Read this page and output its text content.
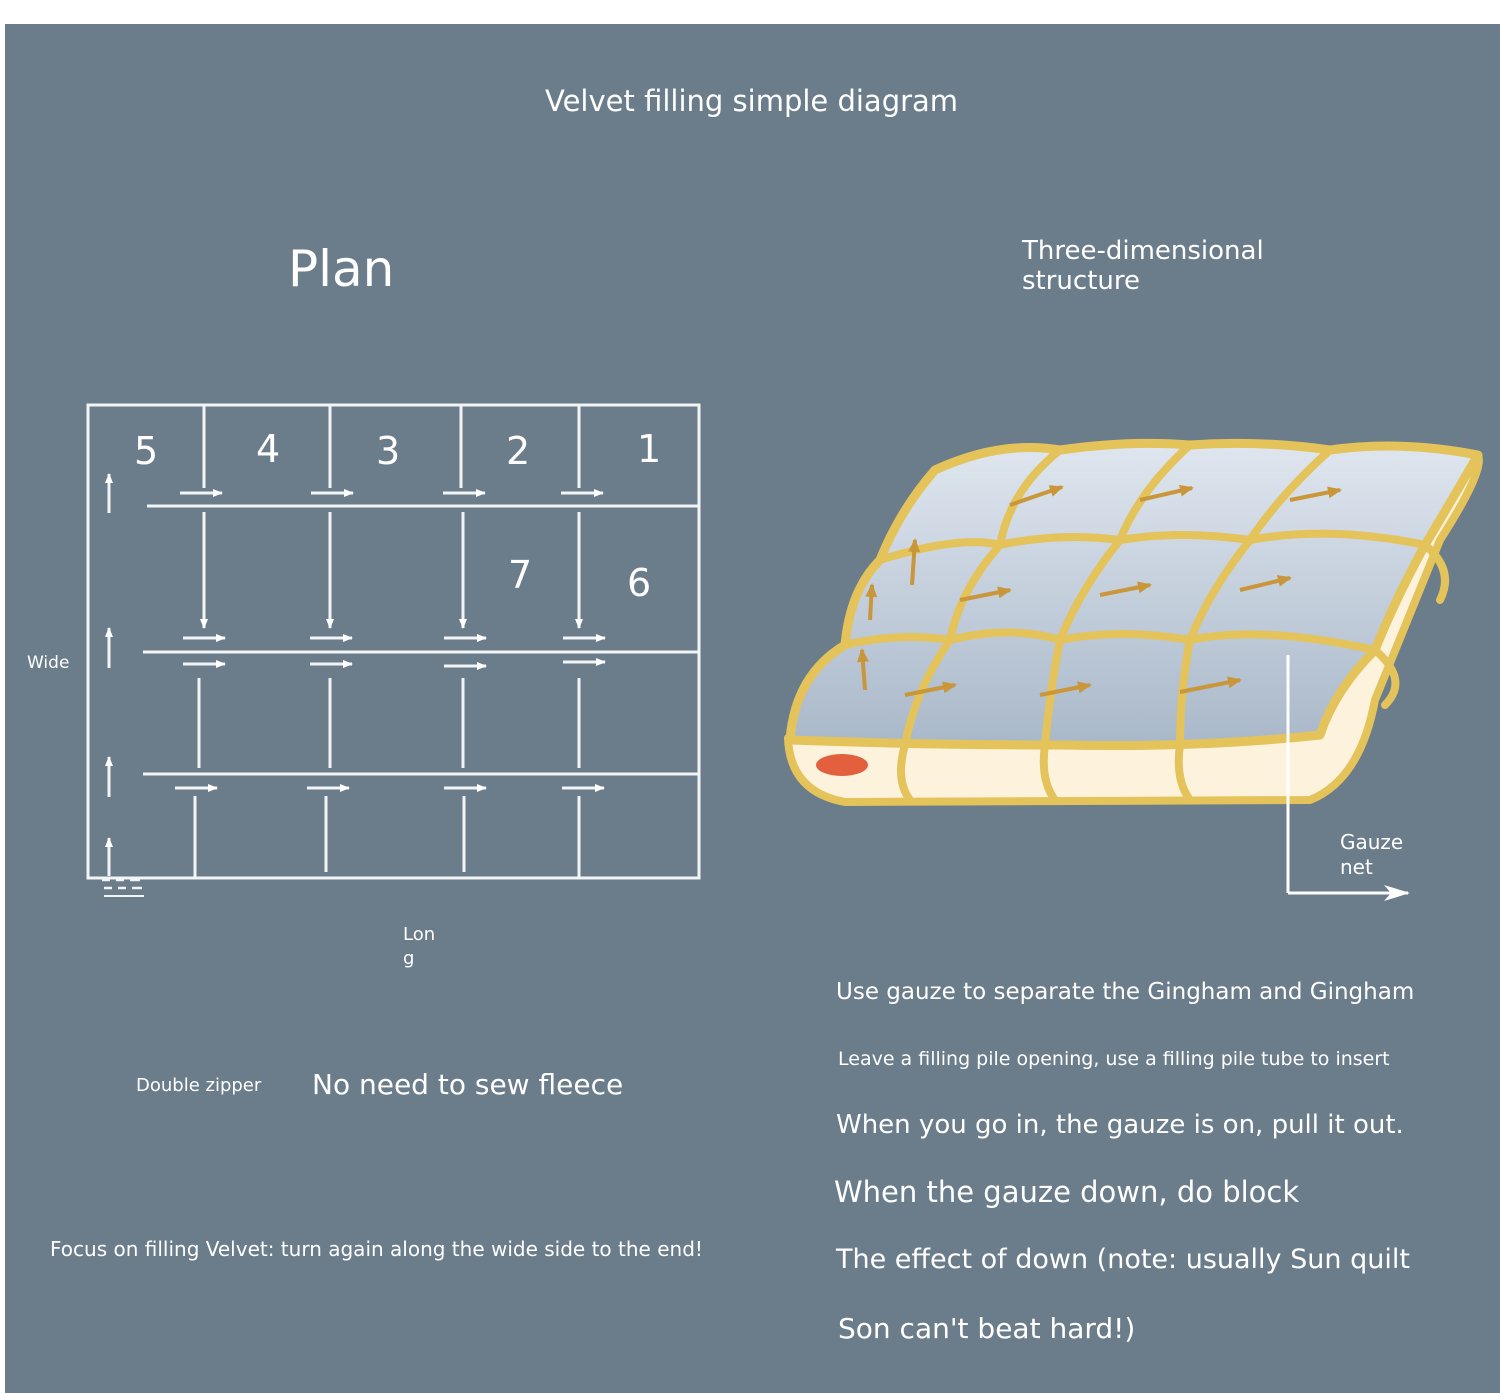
5	4	3	2	1
7 6
Velvet filling simple diagram
Plan	Three-dimensional structure
Wide
Lon g
Gauze net
Double zipper No need to sew fleece
Focus on filling Velvet: turn again along the wide side to the end!
Use gauze to separate the Gingham and Gingham
Leave a filling pile opening, use a filling pile tube to insert
When you go in, the gauze is on, pull it out.
When the gauze down, do block
The effect of down (note: usually Sun quilt
Son can't beat hard!)
